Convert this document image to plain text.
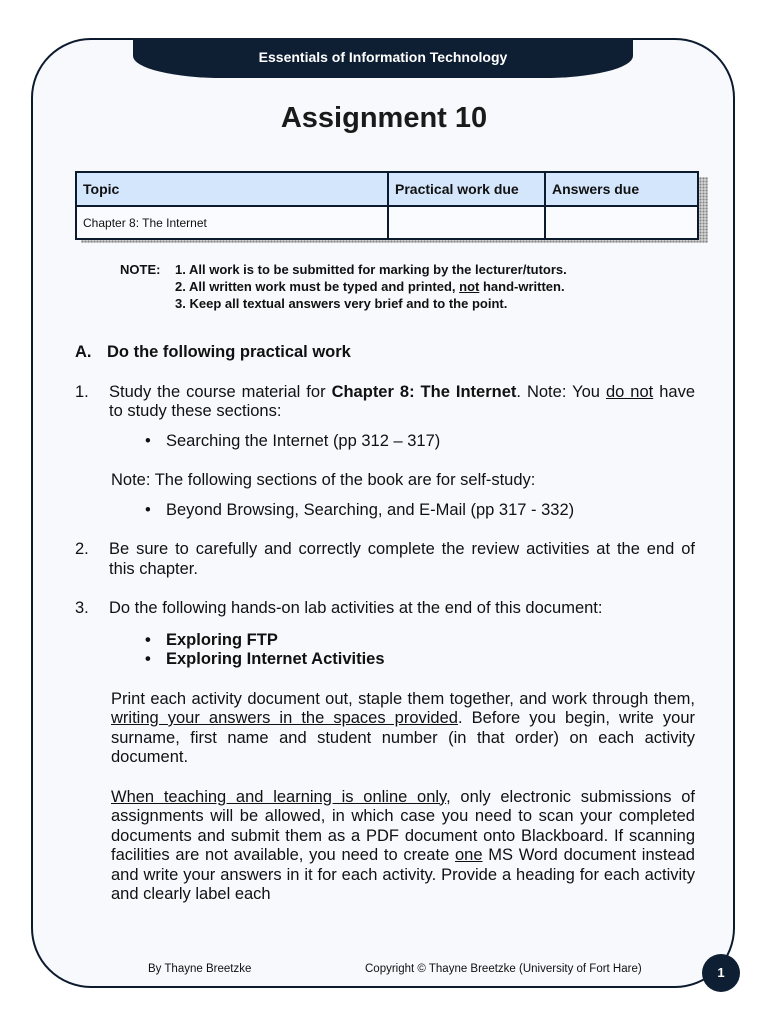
Essentials of Information Technology
Assignment 10
Topic	Practical work due	Answers due
Chapter 8: The Internet		
NOTE:	1. All work is to be submitted for marking by the lecturer/tutors.
2. All written work must be typed and printed, not hand-written.
3. Keep all textual answers very brief and to the point.
A. Do the following practical work
1.	Study the course material for Chapter 8: The Internet. Note: You do not have to study these sections:
• Searching the Internet (pp 312 – 317)
Note: The following sections of the book are for self-study:
• Beyond Browsing, Searching, and E-Mail (pp 317 - 332)
2.	Be sure to carefully and correctly complete the review activities at the end of this chapter.
3.	Do the following hands-on lab activities at the end of this document:
• Exploring FTP
• Exploring Internet Activities
Print each activity document out, staple them together, and work through them, writing your answers in the spaces provided. Before you begin, write your surname, first name and student number (in that order) on each activity document.
When teaching and learning is online only, only electronic submissions of assignments will be allowed, in which case you need to scan your completed documents and submit them as a PDF document onto Blackboard. If scanning facilities are not available, you need to create one MS Word document instead and write your answers in it for each activity. Provide a heading for each activity and clearly label each
By Thayne Breetzke	Copyright © Thayne Breetzke (University of Fort Hare)	1
